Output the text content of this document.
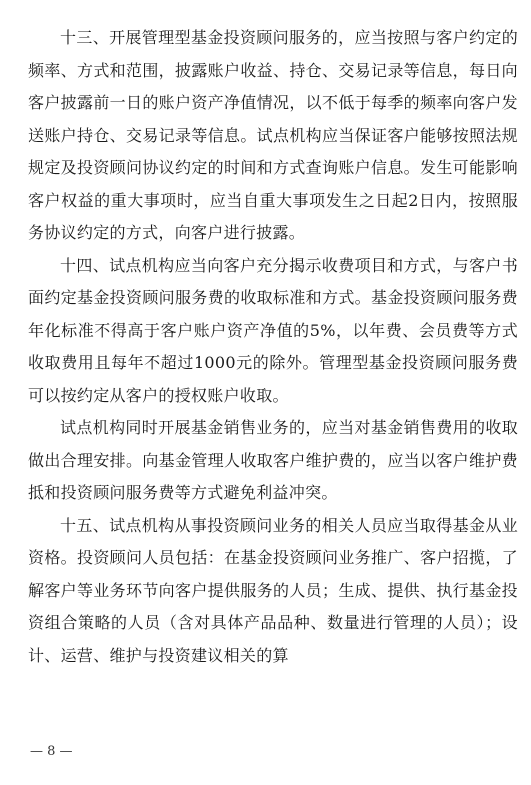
十三、开展管理型基金投资顾问服务的，应当按照与客户约定的频率、方式和范围，披露账户收益、持仓、交易记录等信息，每日向客户披露前一日的账户资产净值情况，以不低于每季的频率向客户发送账户持仓、交易记录等信息。试点机构应当保证客户能够按照法规规定及投资顾问协议约定的时间和方式查询账户信息。发生可能影响客户权益的重大事项时，应当自重大事项发生之日起2日内，按照服务协议约定的方式，向客户进行披露。

十四、试点机构应当向客户充分揭示收费项目和方式，与客户书面约定基金投资顾问服务费的收取标准和方式。基金投资顾问服务费年化标准不得高于客户账户资产净值的5%，以年费、会员费等方式收取费用且每年不超过1000元的除外。管理型基金投资顾问服务费可以按约定从客户的授权账户收取。

试点机构同时开展基金销售业务的，应当对基金销售费用的收取做出合理安排。向基金管理人收取客户维护费的，应当以客户维护费抵和投资顾问服务费等方式避免利益冲突。

十五、试点机构从事投资顾问业务的相关人员应当取得基金从业资格。投资顾问人员包括：在基金投资顾问业务推广、客户招揽，了解客户等业务环节向客户提供服务的人员；生成、提供、执行基金投资组合策略的人员（含对具体产品品种、数量进行管理的人员）；设计、运营、维护与投资建议相关的算

— 8 —
